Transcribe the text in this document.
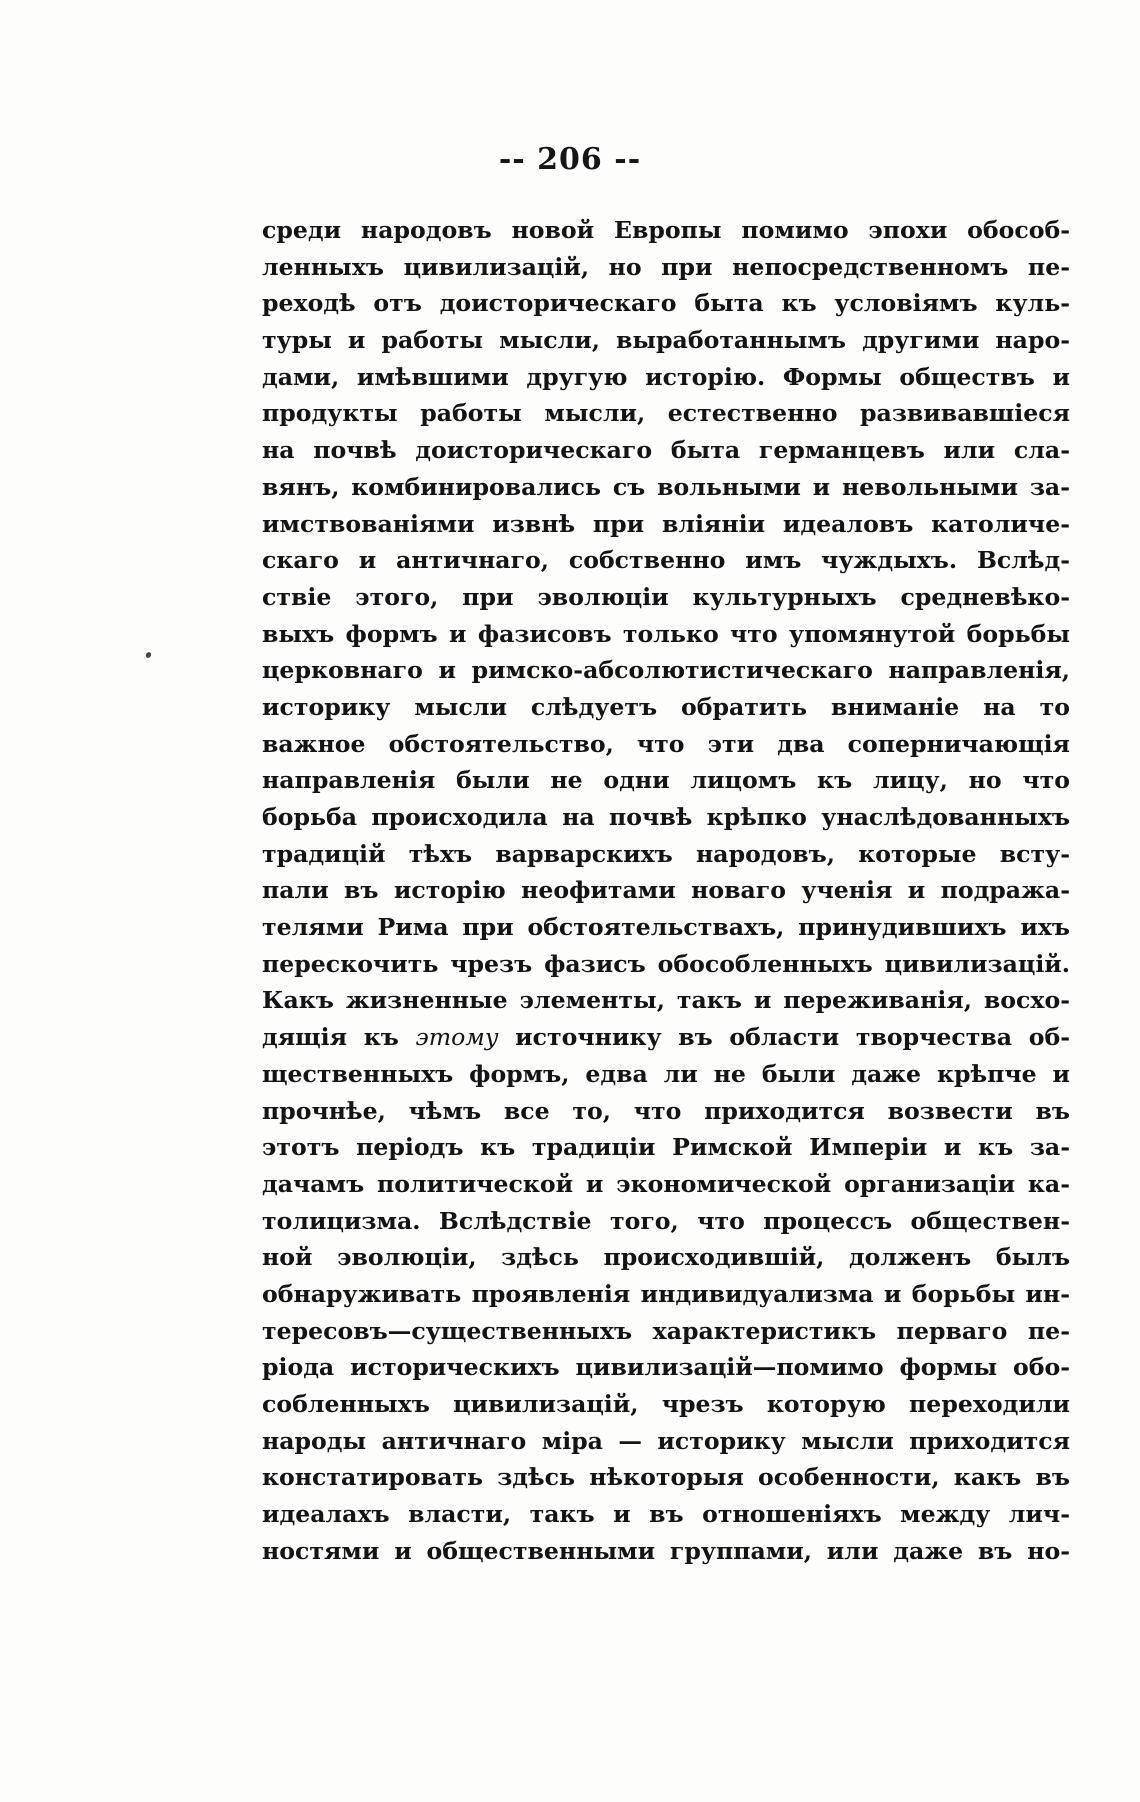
-- 206 --
среди народовъ новой Европы помимо эпохи обособ-
ленныхъ цивилизацій, но при непосредственномъ пе-
реходѣ отъ доисторическаго быта къ условіямъ куль-
туры и работы мысли, выработаннымъ другими наро-
дами, имѣвшими другую исторію. Формы обществъ и
продукты работы мысли, естественно развивавшіеся
на почвѣ доисторическаго быта германцевъ или сла-
вянъ, комбинировались съ вольными и невольными за-
имствованіями извнѣ при вліяніи идеаловъ католиче-
скаго и античнаго, собственно имъ чуждыхъ. Вслѣд-
ствіе этого, при эволюціи культурныхъ средневѣко-
выхъ формъ и фазисовъ только что упомянутой борьбы
церковнаго и римско-абсолютистическаго направленія,
историку мысли слѣдуетъ обратить вниманіе на то
важное обстоятельство, что эти два соперничающія
направленія были не одни лицомъ къ лицу, но что
борьба происходила на почвѣ крѣпко унаслѣдованныхъ
традицій тѣхъ варварскихъ народовъ, которые всту-
пали въ исторію неофитами новаго ученія и подража-
телями Рима при обстоятельствахъ, принудившихъ ихъ
перескочить чрезъ фазисъ обособленныхъ цивилизацій.
Какъ жизненные элементы, такъ и переживанія, восхо-
дящія къ этому источнику въ области творчества об-
щественныхъ формъ, едва ли не были даже крѣпче и
прочнѣе, чѣмъ все то, что приходится возвести въ
этотъ періодъ къ традиціи Римской Имперіи и къ за-
дачамъ политической и экономической организаціи ка-
толицизма. Вслѣдствіе того, что процессъ обществен-
ной эволюціи, здѣсь происходившій, долженъ былъ
обнаруживать проявленія индивидуализма и борьбы ин-
тересовъ—существенныхъ характеристикъ перваго пе-
ріода историческихъ цивилизацій—помимо формы обо-
собленныхъ цивилизацій, чрезъ которую переходили
народы античнаго міра — историку мысли приходится
констатировать здѣсь нѣкоторыя особенности, какъ въ
идеалахъ власти, такъ и въ отношеніяхъ между лич-
ностями и общественными группами, или даже въ но-
